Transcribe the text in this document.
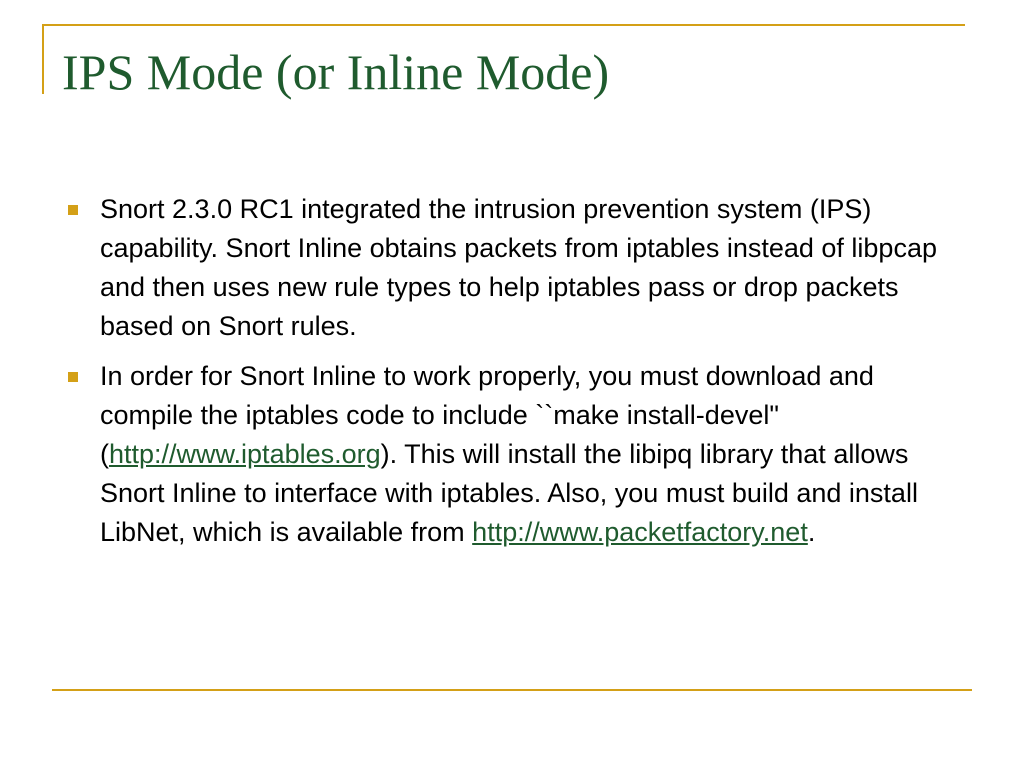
IPS Mode (or Inline Mode)
Snort 2.3.0 RC1 integrated the intrusion prevention system (IPS) capability. Snort Inline obtains packets from iptables instead of libpcap and then uses new rule types to help iptables pass or drop packets based on Snort rules.
In order for Snort Inline to work properly, you must download and compile the iptables code to include ``make install-devel" (http://www.iptables.org). This will install the libipq library that allows Snort Inline to interface with iptables. Also, you must build and install LibNet, which is available from http://www.packetfactory.net.
